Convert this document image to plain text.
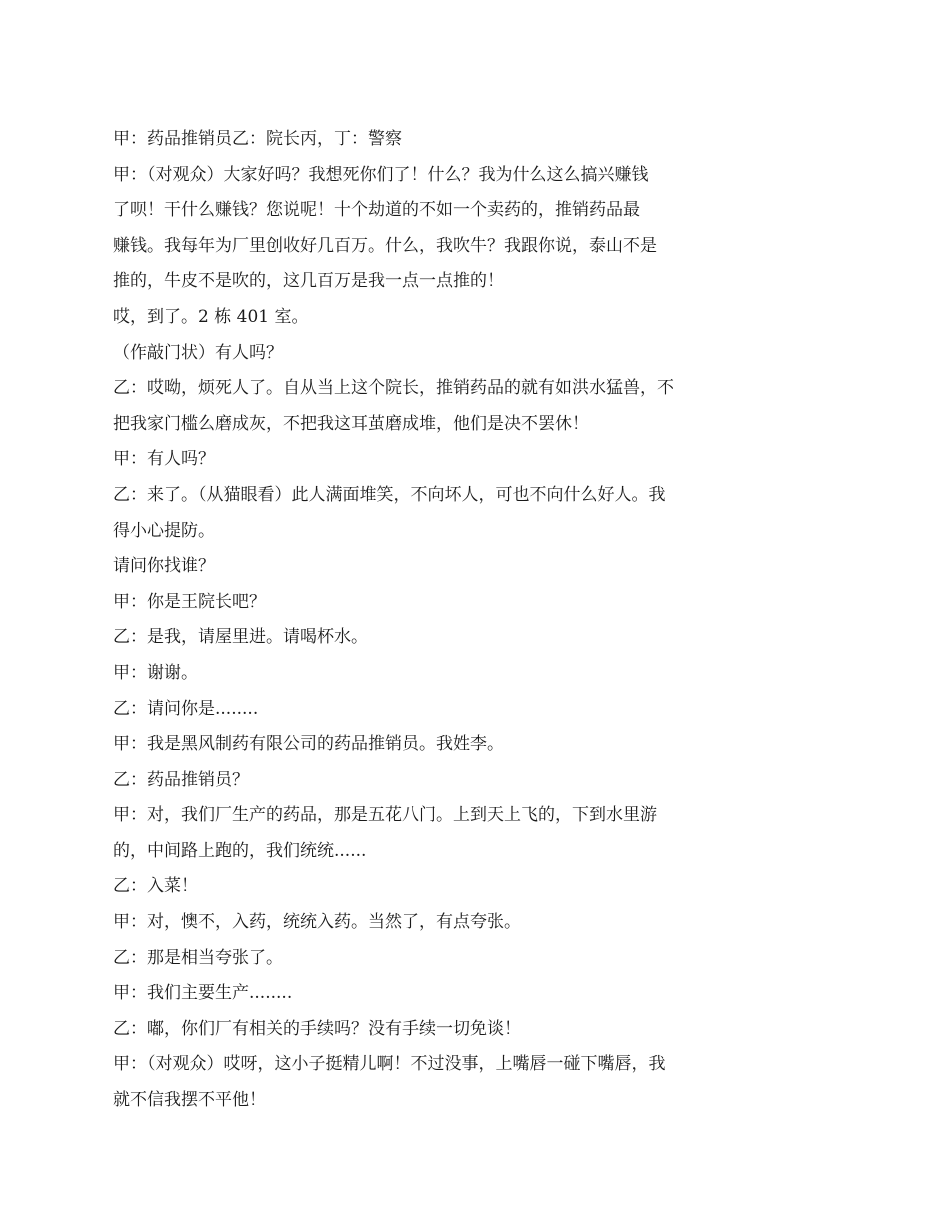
甲：药品推销员乙：院长丙，丁：警察

甲：（对观众）大家好吗？我想死你们了！什么？我为什么这么搞兴赚钱

了呗！干什么赚钱？您说呢！十个劫道的不如一个卖药的，推销药品最

赚钱。我每年为厂里创收好几百万。什么，我吹牛？我跟你说，泰山不是

推的，牛皮不是吹的，这几百万是我一点一点推的！

哎，到了。2 栋 401 室。

（作敲门状）有人吗？

乙：哎呦，烦死人了。自从当上这个院长，推销药品的就有如洪水猛兽，不

把我家门槛么磨成灰，不把我这耳茧磨成堆，他们是决不罢休！

甲：有人吗？

乙：来了。（从猫眼看）此人满面堆笑，不向坏人，可也不向什么好人。我

得小心提防。

请问你找谁？

甲：你是王院长吧？

乙：是我，请屋里进。请喝杯水。

甲：谢谢。

乙：请问你是........

甲：我是黑风制药有限公司的药品推销员。我姓李。

乙：药品推销员？

甲：对，我们厂生产的药品，那是五花八门。上到天上飞的，下到水里游

的，中间路上跑的，我们统统......

乙：入菜！

甲：对，懊不，入药，统统入药。当然了，有点夸张。

乙：那是相当夸张了。

甲：我们主要生产........

乙：嘟，你们厂有相关的手续吗？没有手续一切免谈！

甲：（对观众）哎呀，这小子挺精儿啊！不过没事，上嘴唇一碰下嘴唇，我

就不信我摆不平他！
